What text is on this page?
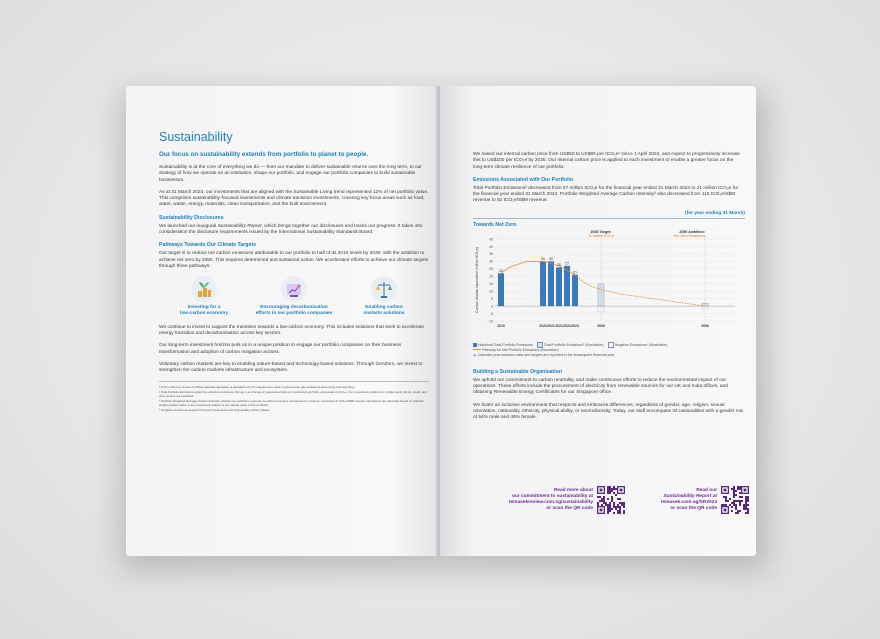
Sustainability
Our focus on sustainability extends from portfolio to planet to people.

Sustainability is at the core of everything we do — from our mandate to deliver sustainable returns over the long term, to our strategy of how we operate as an institution, shape our portfolio, and engage our portfolio companies to build sustainable businesses.

As at 31 March 2024, our investments that are aligned with the Sustainable Living trend represented 12% of net portfolio value. This comprises sustainability-focused investments and climate transition investments, covering key focus areas such as food, water, waste, energy, materials, clean transportation, and the built environment.

Sustainability Disclosures

We launched our inaugural Sustainability Report, which brings together our disclosures and tracks our progress. It takes into consideration the disclosure requirements issued by the International Sustainability Standards Board.

Pathways Towards Our Climate Targets

Our target is to reduce net carbon emissions attributable to our portfolio to half of its 2010 levels by 2030, with the ambition to achieve net zero by 2050. This requires determined and sustained action. We accelerated efforts to achieve our climate targets through three pathways:

Investing for a
low-carbon economy
Encouraging decarbonisation
efforts in our portfolio companies
Enabling carbon
markets solutions

We continue to invest to support the transition towards a low-carbon economy. This includes solutions that seek to accelerate energy transition and decarbonisation across key sectors.

Our long-term investment horizon puts us in a unique position to engage our portfolio companies on their business transformation and adoption of carbon mitigation actions.

Voluntary carbon markets are key to enabling nature-based and technology-based solutions. Through GenZero, we invest to strengthen the carbon markets infrastructure and ecosystem.

¹ tCO₂e refers to tonnes of carbon dioxide equivalent, a standard unit of measurement used in greenhouse gas emissions accounting and reporting.
² Total Portfolio Emissions reflect the absolute emissions (Scope 1 and Scope 2) associated with our investment portfolio, expressed in tCO₂e. Our investment positions in private equity funds, credit, and other assets are excluded.
³ Portfolio Weighted Average Carbon Intensity reflects our portfolio's exposure to carbon-intensive companies by revenue, expressed in tCO₂e/S$M revenue. Emissions are allocated based on portfolio weight (market value of the investment relative to the market value of the portfolio).
⁴ Negative emissions acquired through investments and high-quality carbon offsets.

We raised our internal carbon price from US$50 to US$65 per tCO₂e¹ since 1 April 2024, and expect to progressively increase this to US$100 per tCO₂e by 2030. Our internal carbon price is applied to each investment to enable a greater focus on the long-term climate resilience of our portfolio.

Emissions Associated with Our Portfolio

Total Portfolio Emissions² decreased from 27 million tCO₂e for the financial year ended 31 March 2023 to 21 million tCO₂e for the financial year ended 31 March 2024. Portfolio Weighted Average Carbon Intensity³ also decreased from 116 tCO₂e/S$M revenue to 92 tCO₂e/S$M revenue.

(for year ending 31 March)
Towards Net Zero
-10
-5
0
5
10
15
20
25
30
35
40
45
Carbon dioxide equivalent (million tCO₂e)	22
30 30
26 27
21
2030 Target:
11 million tCO₂e
2050 Ambition:
Net Zero Emissions
2010	2020 2021 2022 2023 2024	2030	2050
Historical Total Portfolio Emissions	Total Portfolio Emissions² (Illustrative)	Negative Emissions⁴ (Illustrative)
Pathway for Net Portfolio Emissions (Illustrative)
▲ Calendar year emission data and targets are reported in the subsequent financial year
Building a Sustainable Organisation

We uphold our commitment to carbon neutrality, and make continuous efforts to reduce the environmental impact of our operations. These efforts include the procurement of electricity from renewable sources for our UK and India offices, and obtaining Renewable Energy Certificates for our Singapore office.

We foster an inclusive environment that respects and embraces differences, regardless of gender, age, religion, sexual orientation, nationality, ethnicity, physical ability, or neurodiversity. Today, our staff encompass 34 nationalities with a gender mix of 54% male and 46% female.

Read more about
our commitment to sustainability at
temasekreview.com.sg/sustainability
or scan the QR code
Read our
Sustainability Report at
temasek.com.sg/SR2024
or scan the QR code
